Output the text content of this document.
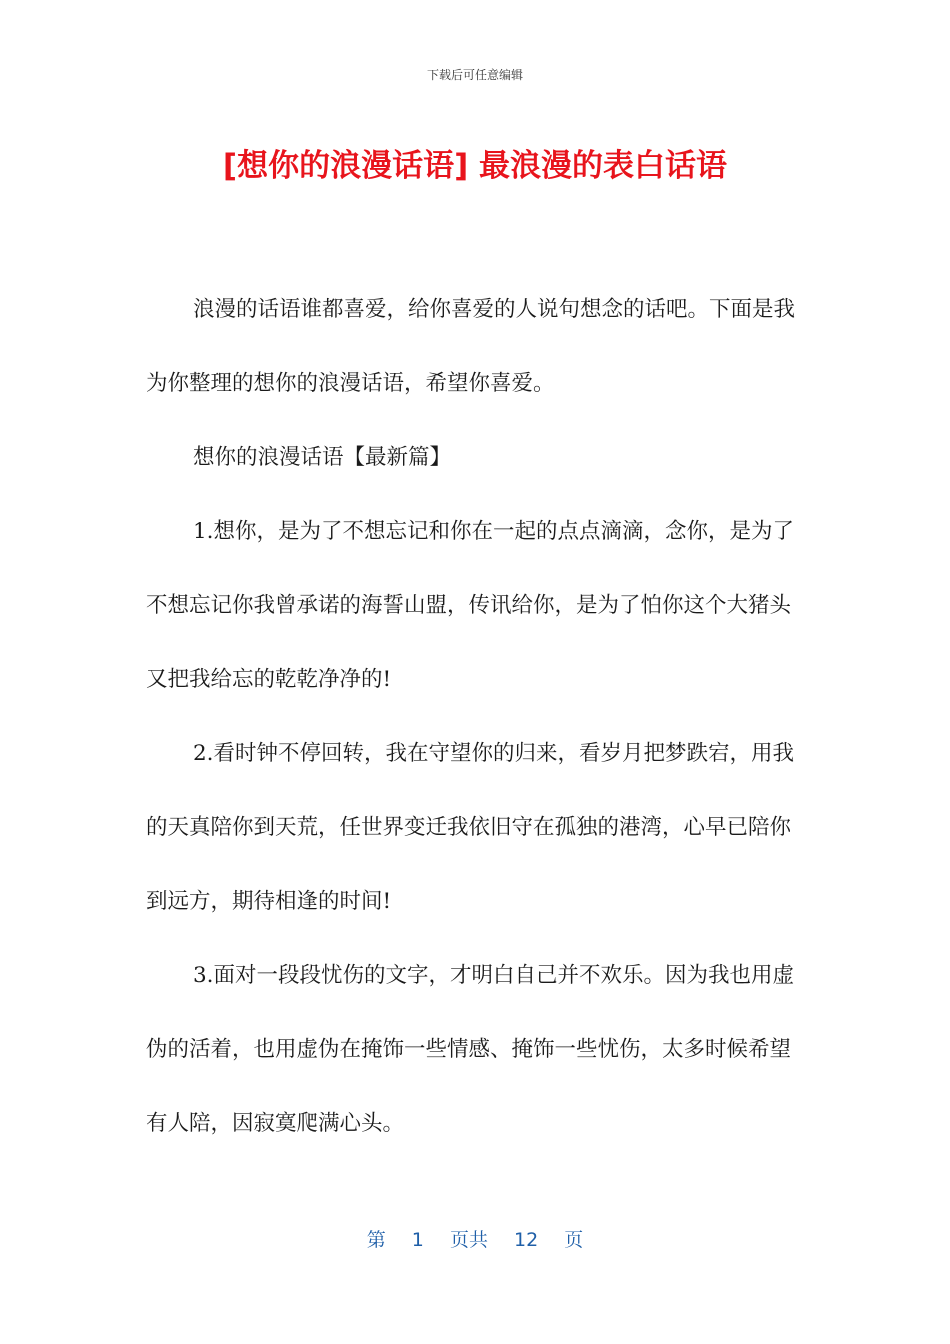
下载后可任意编辑
[想你的浪漫话语] 最浪漫的表白话语

浪漫的话语谁都喜爱，给你喜爱的人说句想念的话吧。下面是我为你整理的想你的浪漫话语，希望你喜爱。

想你的浪漫话语【最新篇】

1.想你，是为了不想忘记和你在一起的点点滴滴，念你，是为了不想忘记你我曾承诺的海誓山盟，传讯给你，是为了怕你这个大猪头又把我给忘的乾乾净净的!

2.看时钟不停回转，我在守望你的归来，看岁月把梦跌宕，用我的天真陪你到天荒，任世界变迁我依旧守在孤独的港湾，心早已陪你到远方，期待相逢的时间!

3.面对一段段忧伤的文字，才明白自己并不欢乐。因为我也用虚伪的活着，也用虚伪在掩饰一些情感、掩饰一些忧伤，太多时候希望有人陪，因寂寞爬满心头。

第 1 页共 12 页
